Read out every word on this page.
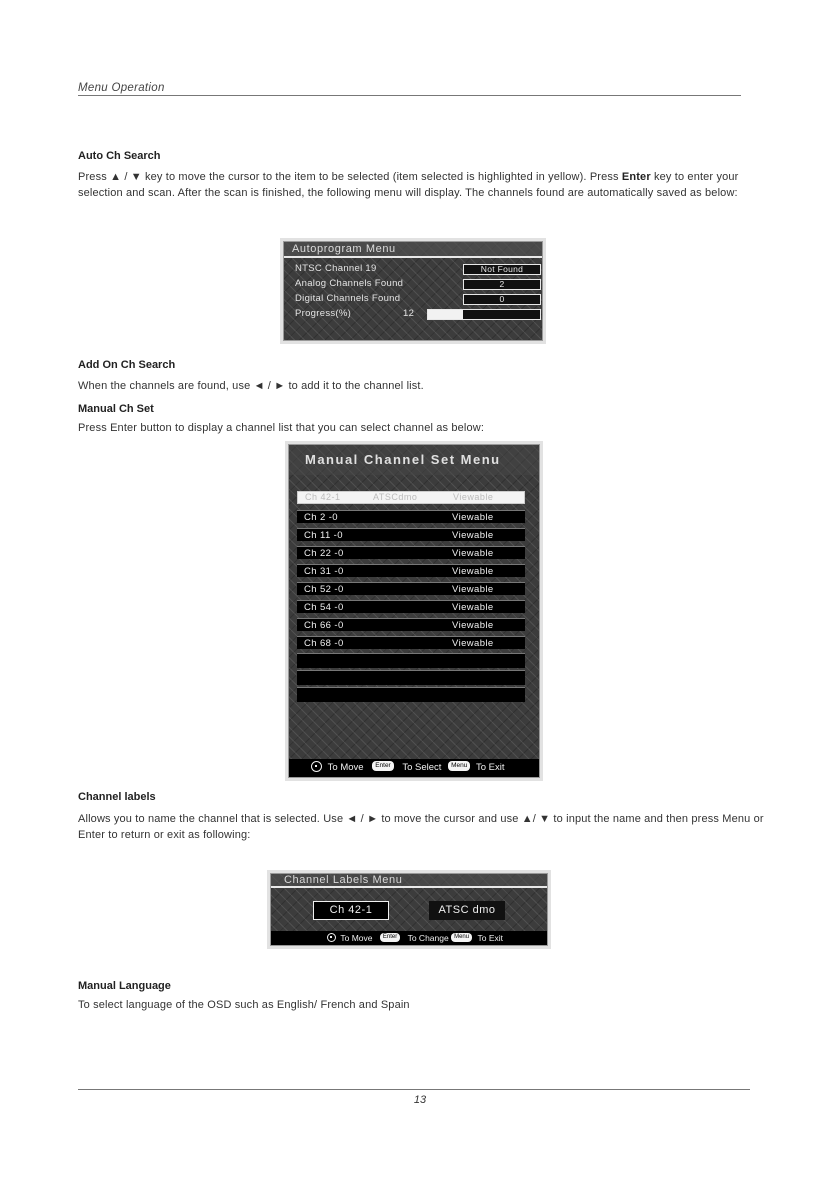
Menu Operation
Auto Ch Search
Press ▲ / ▼ key to move the cursor to the item to be selected (item selected is highlighted in yellow). Press Enter key to enter your selection and scan. After the scan is finished, the following menu will display. The channels found are automatically saved as below:
Autoprogram Menu
NTSC Channel 19	Not Found
Analog Channels Found	2
Digital Channels Found	0
Progress(%)	12
Add On Ch Search
When the channels are found, use ◄ / ► to add it to the channel list.
Manual Ch Set
Press Enter button to display a channel list that you can select channel as below:
Manual Channel Set Menu
Ch 42-1	ATSCdmo	Viewable
Ch 2 -0	Viewable
Ch 11 -0	Viewable
Ch 22 -0	Viewable
Ch 31 -0	Viewable
Ch 52 -0	Viewable
Ch 54 -0	Viewable
Ch 66 -0	Viewable
Ch 68 -0	Viewable
To Move Enter To Select Menu To Exit
Channel labels
Allows you to name the channel that is selected. Use ◄ / ► to move the cursor and use ▲/ ▼ to input the name and then press Menu or Enter to return or exit as following:
Channel Labels Menu
Ch 42-1	ATSC dmo
To Move Enter To Change Menu To Exit
Manual Language
To select language of the OSD such as English/ French and Spain
13
